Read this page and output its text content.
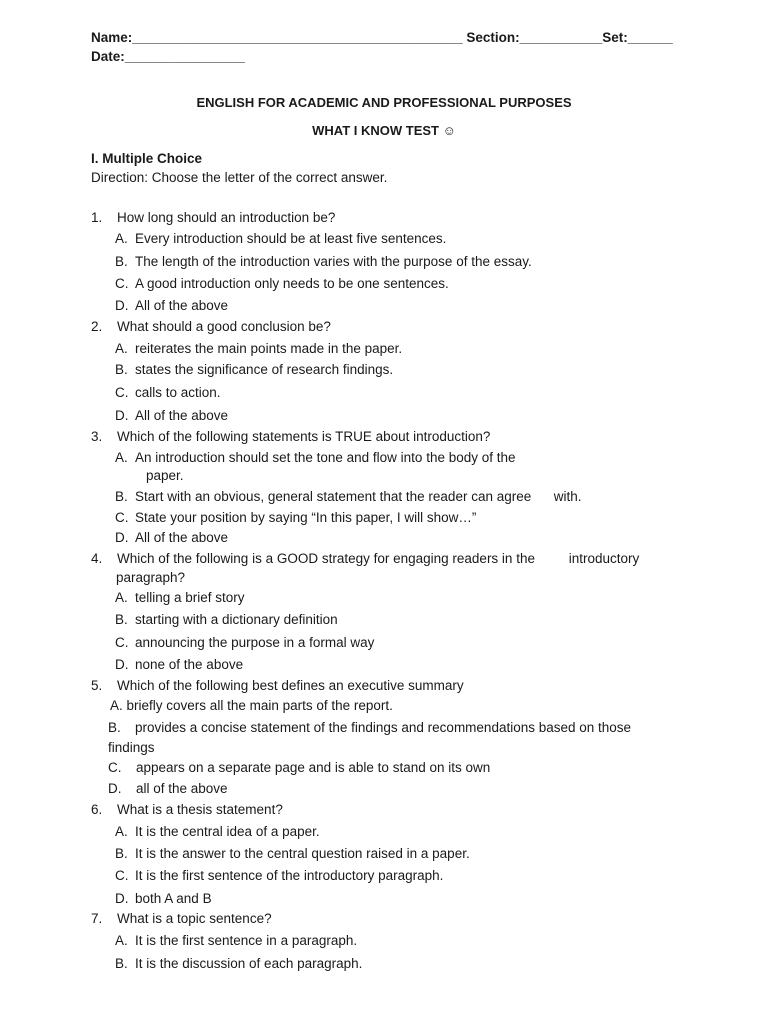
Name:____________________________________________ Section:___________Set:______
Date:________________
ENGLISH FOR ACADEMIC AND PROFESSIONAL PURPOSES
WHAT I KNOW TEST ☺
I. Multiple Choice
Direction: Choose the letter of the correct answer.
1. How long should an introduction be?
A. Every introduction should be at least five sentences.
B. The length of the introduction varies with the purpose of the essay.
C. A good introduction only needs to be one sentences.
D. All of the above
2. What should a good conclusion be?
A. reiterates the main points made in the paper.
B. states the significance of research findings.
C. calls to action.
D. All of the above
3. Which of the following statements is TRUE about introduction?
A. An introduction should set the tone and flow into the body of the
paper.
B. Start with an obvious, general statement that the reader can agree      with.
C. State your position by saying “In this paper, I will show…”
D. All of the above
4. Which of the following is a GOOD strategy for engaging readers in the         introductory
paragraph?
A. telling a brief story
B. starting with a dictionary definition
C. announcing the purpose in a formal way
D. none of the above
5. Which of the following best defines an executive summary
A. briefly covers all the main parts of the report.
B. provides a concise statement of the findings and recommendations based on those
findings
C. appears on a separate page and is able to stand on its own
D. all of the above
6. What is a thesis statement?
A. It is the central idea of a paper.
B. It is the answer to the central question raised in a paper.
C. It is the first sentence of the introductory paragraph.
D. both A and B
7. What is a topic sentence?
A. It is the first sentence in a paragraph.
B. It is the discussion of each paragraph.
